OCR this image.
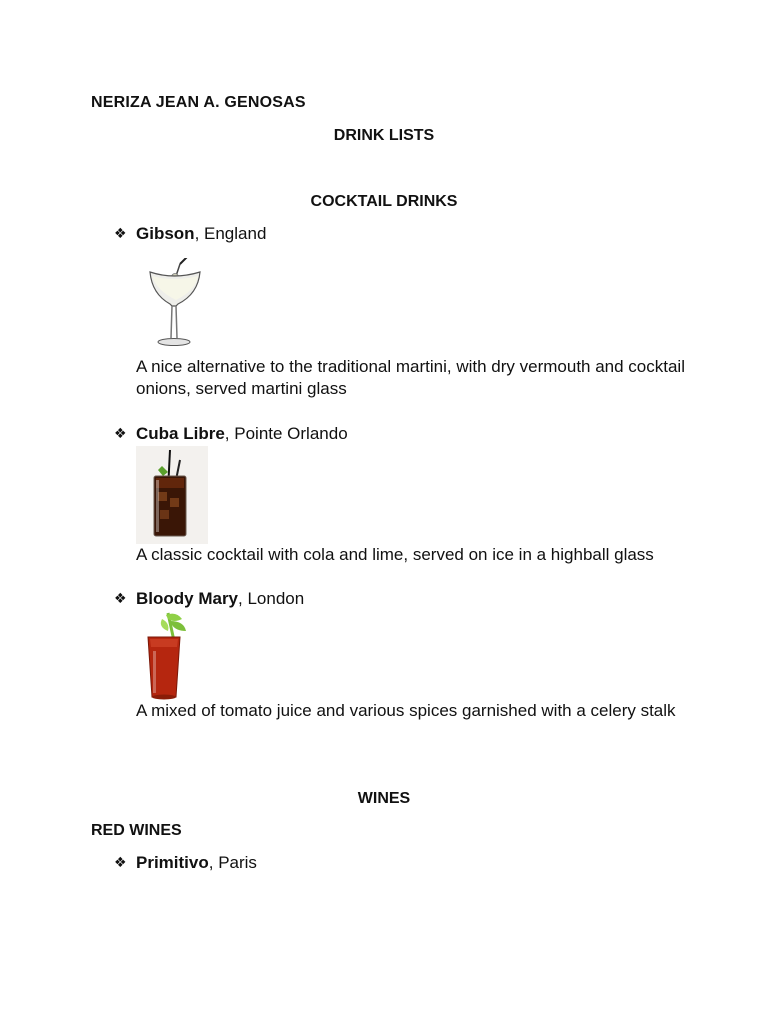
NERIZA JEAN A. GENOSAS
DRINK LISTS
COCKTAIL DRINKS
❖ Gibson, England
A nice alternative to the traditional martini, with dry vermouth and cocktail onions, served martini glass
❖ Cuba Libre, Pointe Orlando
A classic cocktail with cola and lime, served on ice in a highball glass
❖ Bloody Mary, London
A mixed of tomato juice and various spices garnished with a celery stalk
WINES
RED WINES
❖ Primitivo, Paris
